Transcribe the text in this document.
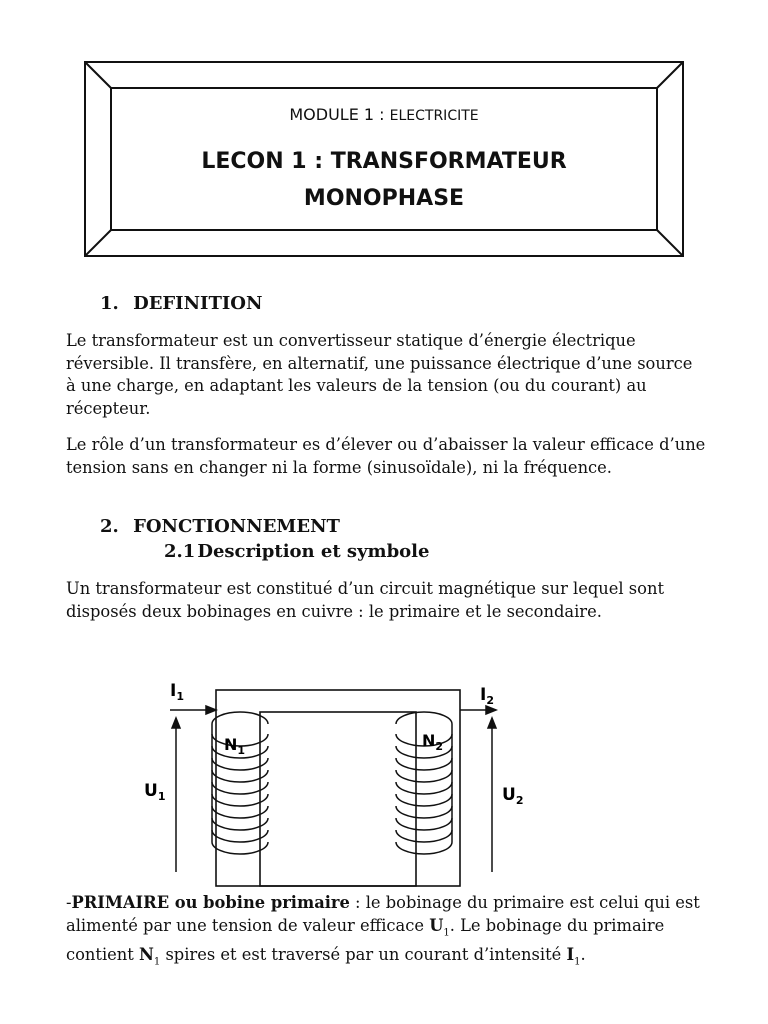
MODULE 1 : ELECTRICITE
LECON 1 : TRANSFORMATEUR
MONOPHASE
1. DEFINITION

Le transformateur est un convertisseur statique d’énergie électrique réversible. Il transfère, en alternatif, une puissance électrique d’une source à une charge, en adaptant les valeurs de la tension (ou du courant) au récepteur.

Le rôle d’un transformateur es d’élever ou d’abaisser la valeur efficace d’une tension sans en changer ni la forme (sinusoïdale), ni la fréquence.

2. FONCTIONNEMENT
2.1 Description et symbole

Un transformateur est constitué d’un circuit magnétique sur lequel sont disposés deux bobinages en cuivre : le primaire et le secondaire.

$I_1$	$I_2$
$N_1$
$N_2$
$U_1$	$U_2$

-PRIMAIRE ou bobine primaire : le bobinage du primaire est celui qui est alimenté par une tension de valeur efficace $U_1$. Le bobinage du primaire contient $N_1$ spires et est traversé par un courant d’intensité $I_1$.
